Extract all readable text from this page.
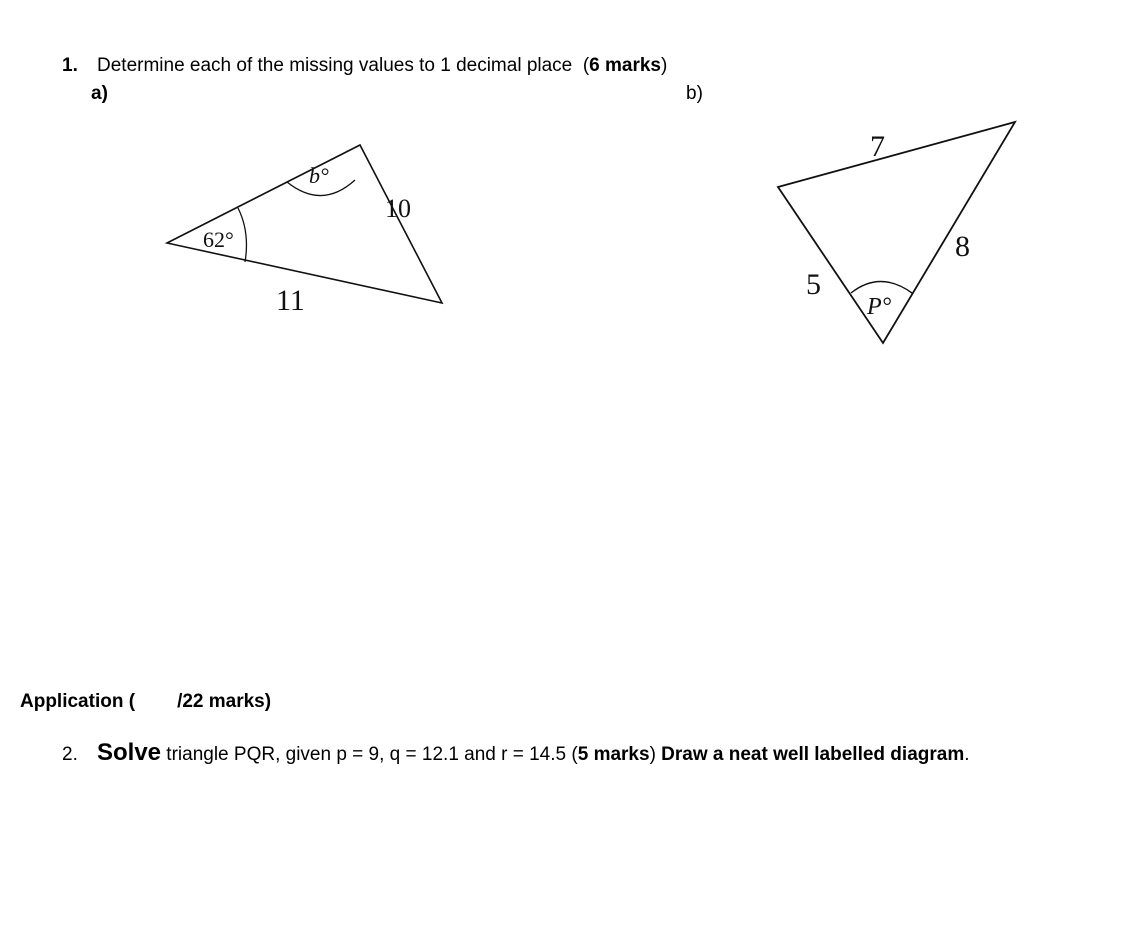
1. Determine each of the missing values to 1 decimal place (6 marks)
a)	b)
62°
b°
10
11
7
8
5
P°
Application ( /22 marks)
2. Solve triangle PQR, given p = 9, q = 12.1 and r = 14.5 (5 marks) Draw a neat well labelled diagram.
